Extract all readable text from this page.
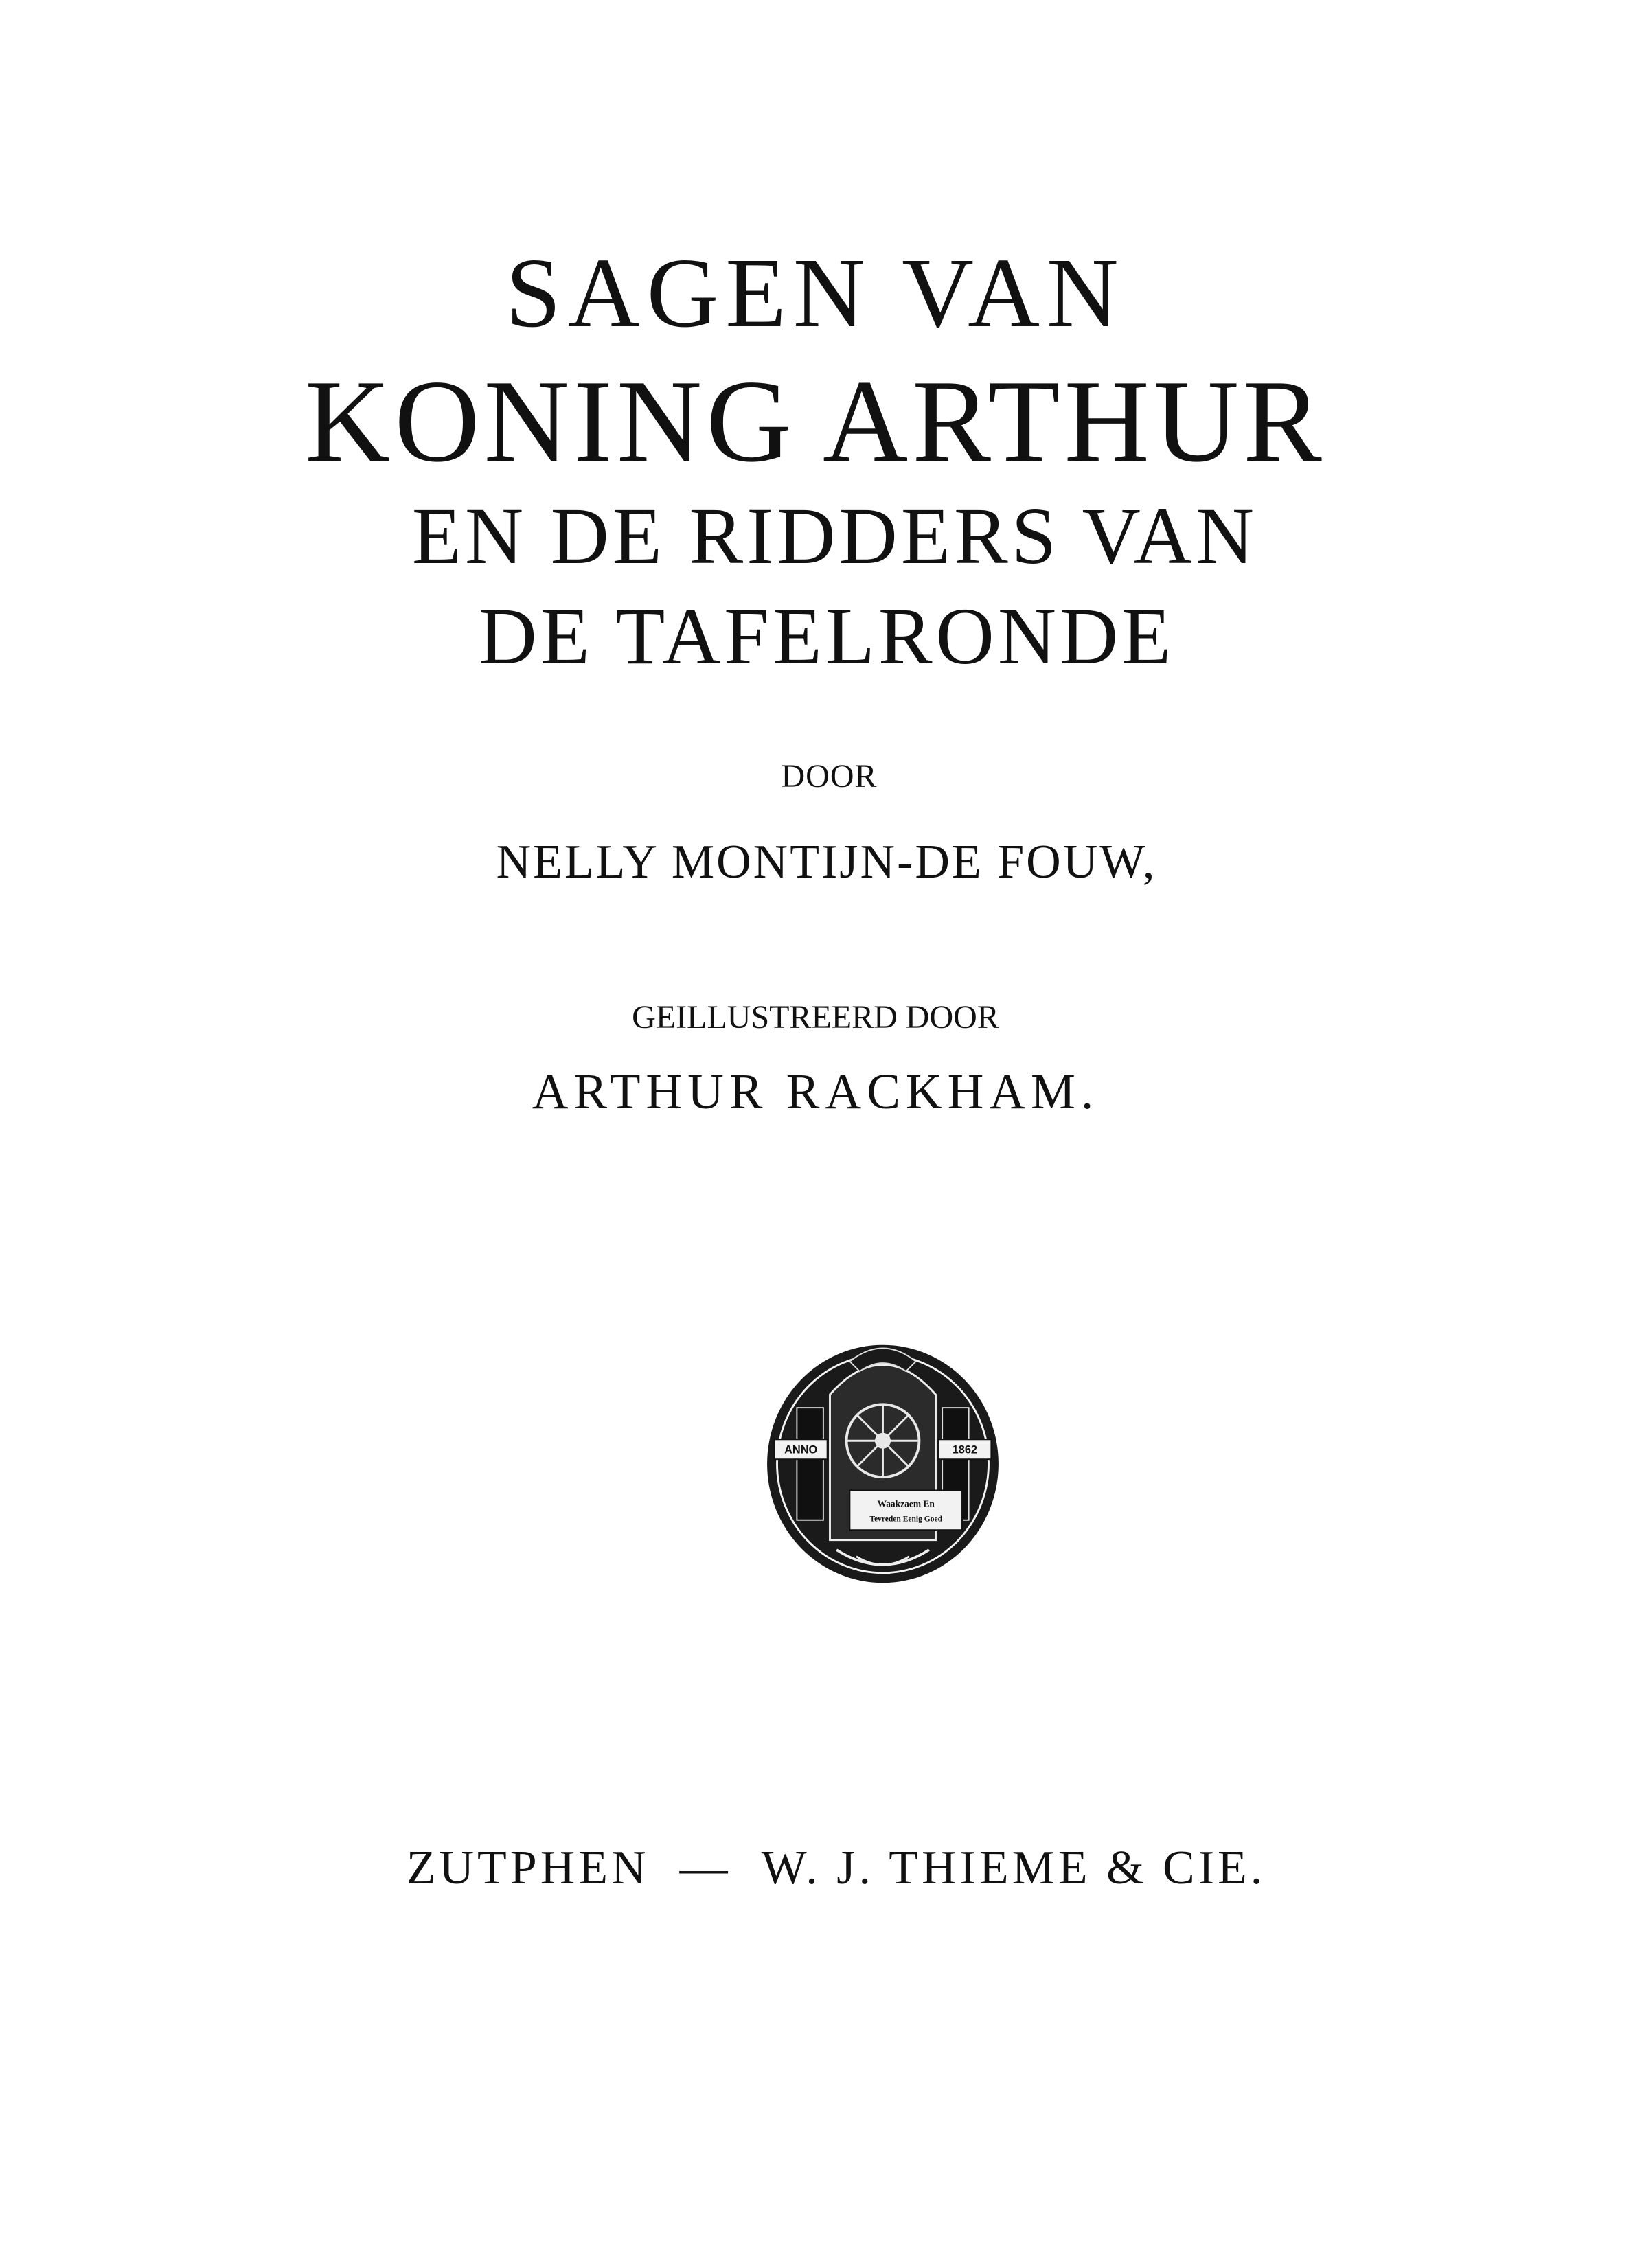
SAGEN VAN
KONING ARTHUR
EN DE RIDDERS VAN
DE TAFELRONDE
DOOR
NELLY MONTIJN-DE FOUW,
GEILLUSTREERD DOOR
ARTHUR RACKHAM.
ANNO	1862
Waakzaem En
Tevreden Eenig Goed
ZUTPHEN — W. J. THIEME & CIE.
